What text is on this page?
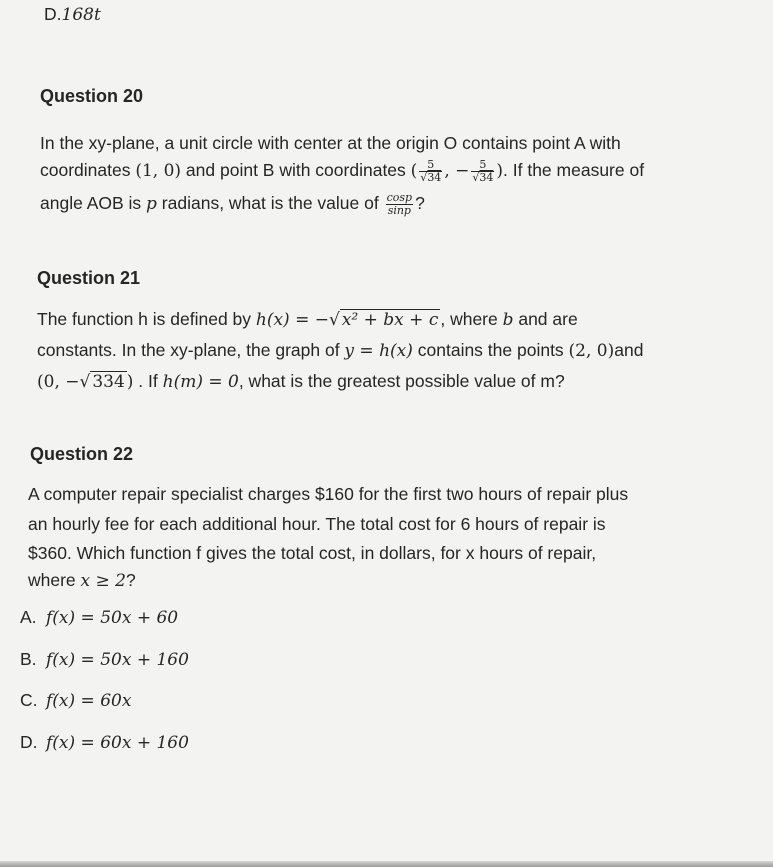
D.168t
Question 20
In the xy-plane, a unit circle with center at the origin O contains point A with
coordinates (1, 0) and point B with coordinates ( $\frac{5}{√34}$ , − $\frac{5}{√34}$ ). If the measure of
angle AOB is p radians, what is the value of $\frac{\cos p}{\sin p}$ ?
Question 21
The function h is defined by h(x) = −√ x² + bx + c , where b and are
constants. In the xy-plane, the graph of y = h(x) contains the points (2, 0)and
(0, −√ 334 ) . If h(m) = 0, what is the greatest possible value of m?
Question 22
A computer repair specialist charges $160 for the first two hours of repair plus
an hourly fee for each additional hour. The total cost for 6 hours of repair is
$360. Which function f gives the total cost, in dollars, for x hours of repair,
where x ≥ 2?
A. f(x) = 50x + 60
B. f(x) = 50x + 160
C. f(x) = 60x
D. f(x) = 60x + 160
